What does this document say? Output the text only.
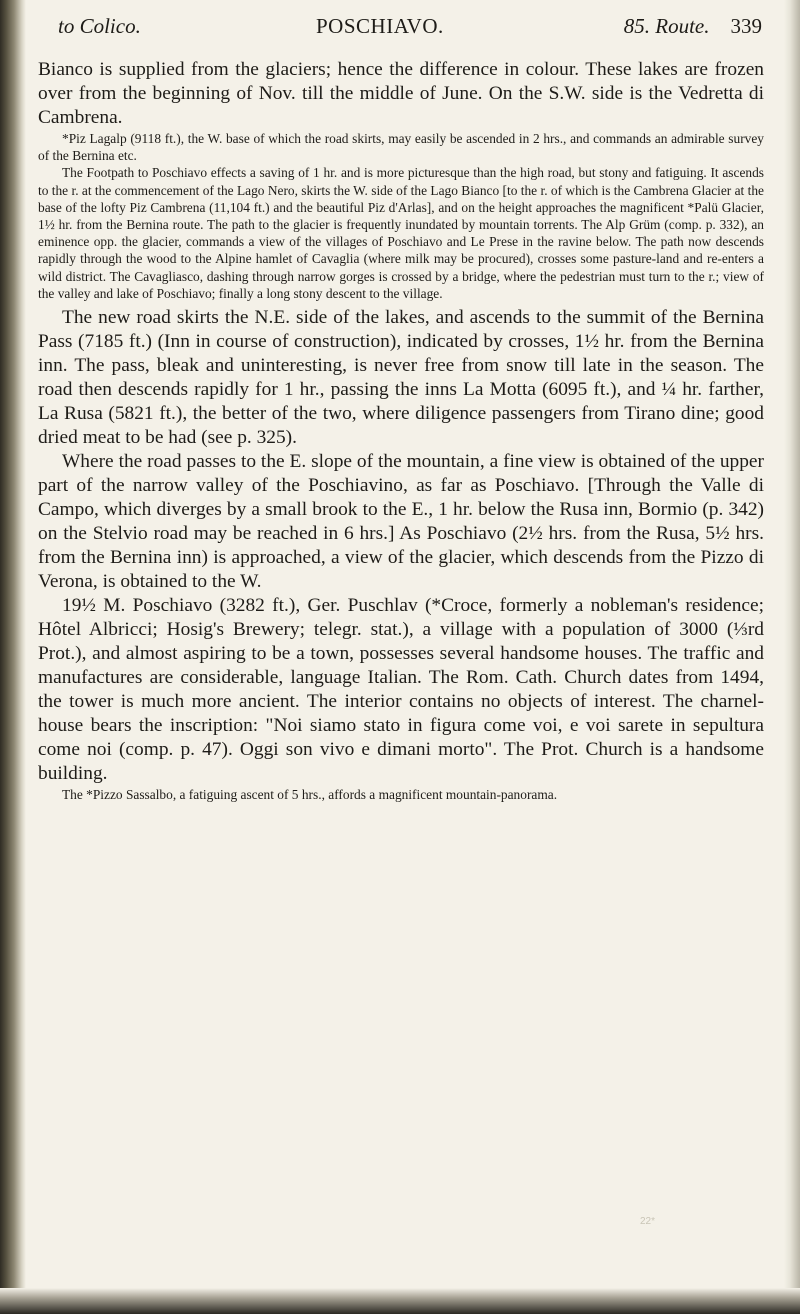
to Colico.	POSCHIAVO.	85. Route. 339

Bianco is supplied from the glaciers; hence the difference in colour. These lakes are frozen over from the beginning of Nov. till the middle of June. On the S.W. side is the Vedretta di Cambrena.

*Piz Lagalp (9118 ft.), the W. base of which the road skirts, may easily be ascended in 2 hrs., and commands an admirable survey of the Bernina etc.

The Footpath to Poschiavo effects a saving of 1 hr. and is more picturesque than the high road, but stony and fatiguing. It ascends to the r. at the commencement of the Lago Nero, skirts the W. side of the Lago Bianco [to the r. of which is the Cambrena Glacier at the base of the lofty Piz Cambrena (11,104 ft.) and the beautiful Piz d'Arlas], and on the height approaches the magnificent *Palü Glacier, 1½ hr. from the Bernina route. The path to the glacier is frequently inundated by mountain torrents. The Alp Grüm (comp. p. 332), an eminence opp. the glacier, commands a view of the villages of Poschiavo and Le Prese in the ravine below. The path now descends rapidly through the wood to the Alpine hamlet of Cavaglia (where milk may be procured), crosses some pasture-land and re-enters a wild district. The Cavagliasco, dashing through narrow gorges is crossed by a bridge, where the pedestrian must turn to the r.; view of the valley and lake of Poschiavo; finally a long stony descent to the village.

The new road skirts the N.E. side of the lakes, and ascends to the summit of the Bernina Pass (7185 ft.) (Inn in course of construction), indicated by crosses, 1½ hr. from the Bernina inn. The pass, bleak and uninteresting, is never free from snow till late in the season. The road then descends rapidly for 1 hr., passing the inns La Motta (6095 ft.), and ¼ hr. farther, La Rusa (5821 ft.), the better of the two, where diligence passengers from Tirano dine; good dried meat to be had (see p. 325).

Where the road passes to the E. slope of the mountain, a fine view is obtained of the upper part of the narrow valley of the Poschiavino, as far as Poschiavo. [Through the Valle di Campo, which diverges by a small brook to the E., 1 hr. below the Rusa inn, Bormio (p. 342) on the Stelvio road may be reached in 6 hrs.] As Poschiavo (2½ hrs. from the Rusa, 5½ hrs. from the Bernina inn) is approached, a view of the glacier, which descends from the Pizzo di Verona, is obtained to the W.

19½ M. Poschiavo (3282 ft.), Ger. Puschlav (*Croce, formerly a nobleman's residence; Hôtel Albricci; Hosig's Brewery; telegr. stat.), a village with a population of 3000 (⅓rd Prot.), and almost aspiring to be a town, possesses several handsome houses. The traffic and manufactures are considerable, language Italian. The Rom. Cath. Church dates from 1494, the tower is much more ancient. The interior contains no objects of interest. The charnel-house bears the inscription: "Noi siamo stato in figura come voi, e voi sarete in sepultura come noi (comp. p. 47). Oggi son vivo e dimani morto". The Prot. Church is a handsome building.

The *Pizzo Sassalbo, a fatiguing ascent of 5 hrs., affords a magnificent mountain-panorama.

22*
